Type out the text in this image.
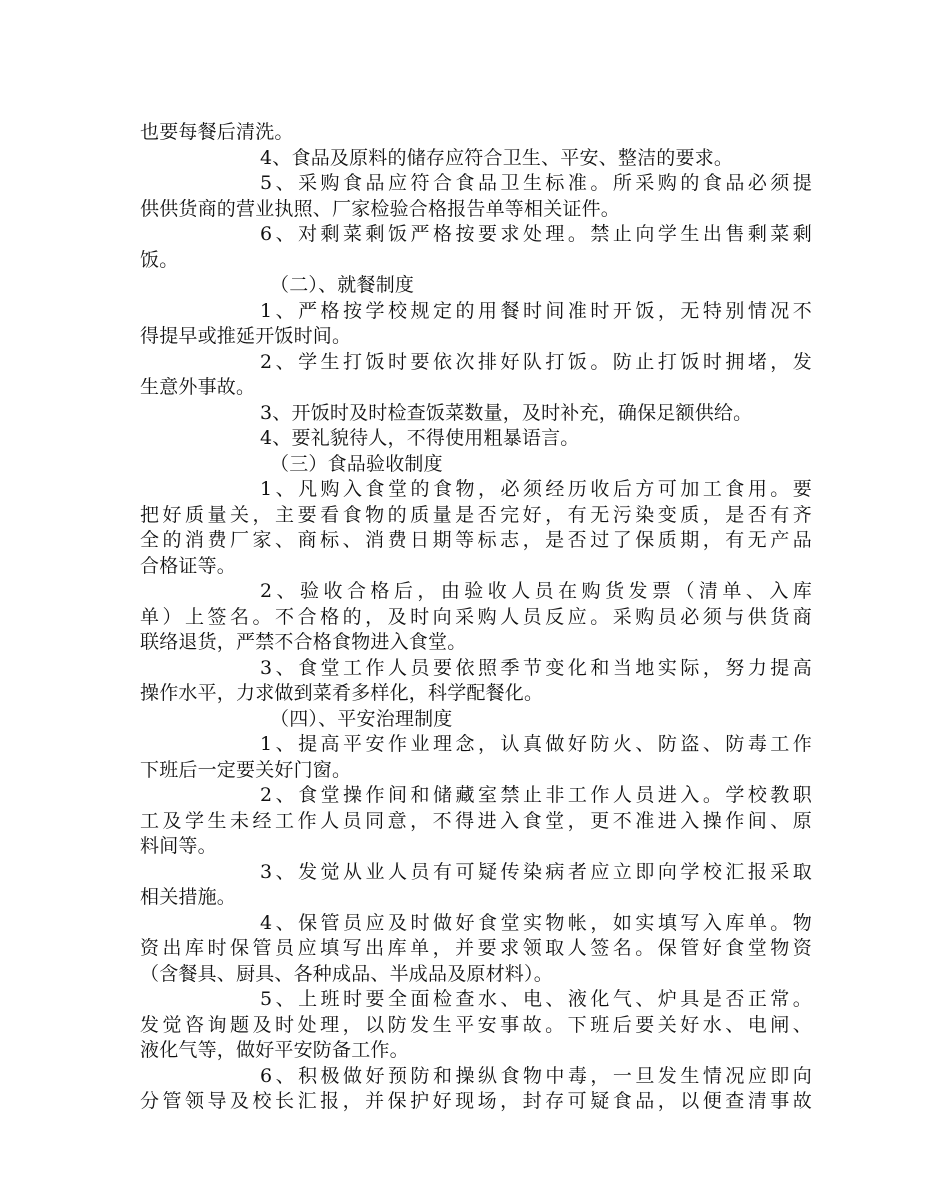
也要每餐后清洗。
4、食品及原料的储存应符合卫生、平安、整洁的要求。
5、采购食品应符合食品卫生标准。所采购的食品必须提
供供货商的营业执照、厂家检验合格报告单等相关证件。
6、对剩菜剩饭严格按要求处理。禁止向学生出售剩菜剩
饭。
（二）、就餐制度
1、严格按学校规定的用餐时间准时开饭，无特别情况不
得提早或推延开饭时间。
2、学生打饭时要依次排好队打饭。防止打饭时拥堵，发
生意外事故。
3、开饭时及时检查饭菜数量，及时补充，确保足额供给。
4、要礼貌待人，不得使用粗暴语言。
（三）食品验收制度
1、凡购入食堂的食物，必须经历收后方可加工食用。要
把好质量关，主要看食物的质量是否完好，有无污染变质，是否有齐
全的消费厂家、商标、消费日期等标志，是否过了保质期，有无产品
合格证等。
2、验收合格后，由验收人员在购货发票（清单、入库
单）上签名。不合格的，及时向采购人员反应。采购员必须与供货商
联络退货，严禁不合格食物进入食堂。
3、食堂工作人员要依照季节变化和当地实际，努力提高
操作水平，力求做到菜肴多样化，科学配餐化。
（四）、平安治理制度
1、提高平安作业理念，认真做好防火、防盗、防毒工作
下班后一定要关好门窗。
2、食堂操作间和储藏室禁止非工作人员进入。学校教职
工及学生未经工作人员同意，不得进入食堂，更不准进入操作间、原
料间等。
3、发觉从业人员有可疑传染病者应立即向学校汇报采取
相关措施。
4、保管员应及时做好食堂实物帐，如实填写入库单。物
资出库时保管员应填写出库单，并要求领取人签名。保管好食堂物资
（含餐具、厨具、各种成品、半成品及原材料）。
5、上班时要全面检查水、电、液化气、炉具是否正常。
发觉咨询题及时处理，以防发生平安事故。下班后要关好水、电闸、
液化气等，做好平安防备工作。
6、积极做好预防和操纵食物中毒，一旦发生情况应即向
分管领导及校长汇报，并保护好现场，封存可疑食品，以便查清事故
